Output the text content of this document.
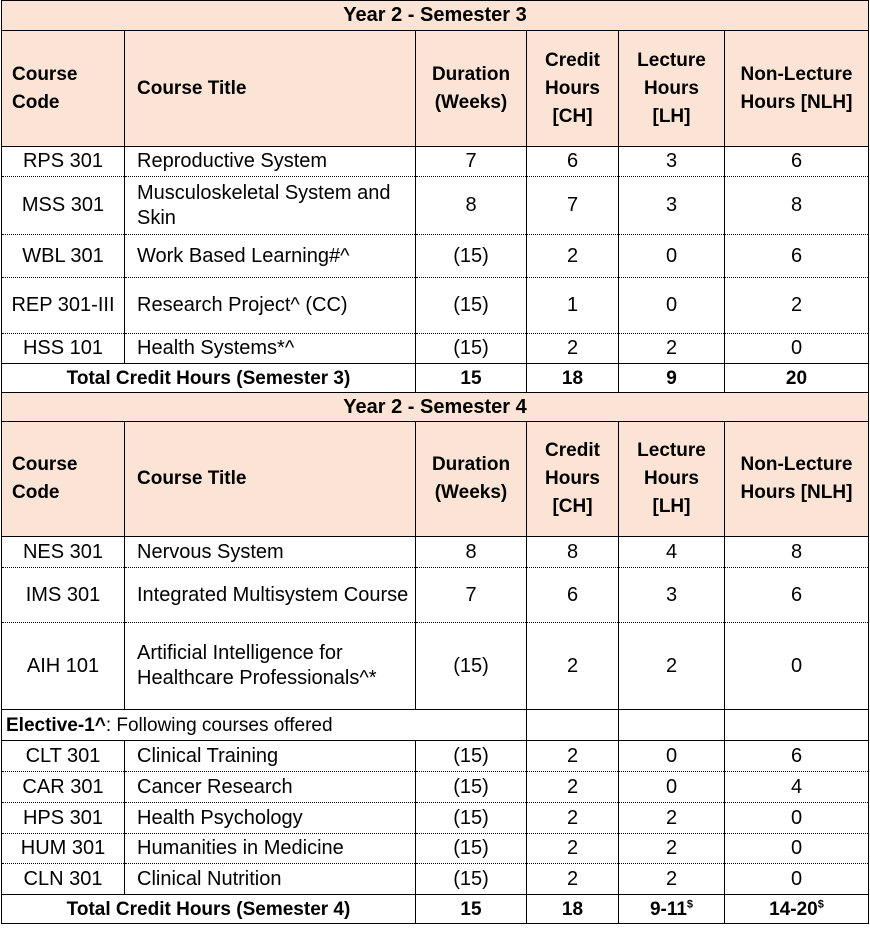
Year 2 - Semester 3					
Course Code	Course Title	Duration (Weeks)	Credit Hours [CH]	Lecture Hours [LH]	Non-Lecture Hours [NLH]
RPS 301	Reproductive System	7	6	3	6
MSS 301	Musculoskeletal System and Skin	8	7	3	8
WBL 301	Work Based Learning#^	(15)	2	0	6
REP 301-III	Research Project^ (CC)	(15)	1	0	2
HSS 101	Health Systems*^	(15)	2	2	0
Total Credit Hours (Semester 3)		15	18	9	20
Year 2 - Semester 4					
Course Code	Course Title	Duration (Weeks)	Credit Hours [CH]	Lecture Hours [LH]	Non-Lecture Hours [NLH]
NES 301	Nervous System	8	8	4	8
IMS 301	Integrated Multisystem Course	7	6	3	6
AIH 101	Artificial Intelligence for Healthcare Professionals^*	(15)	2	2	0
Elective-1^: Following courses offered					
CLT 301	Clinical Training	(15)	2	0	6
CAR 301	Cancer Research	(15)	2	0	4
HPS 301	Health Psychology	(15)	2	2	0
HUM 301	Humanities in Medicine	(15)	2	2	0
CLN 301	Clinical Nutrition	(15)	2	2	0
Total Credit Hours (Semester 4)		15	18	9-11$	14-20$
